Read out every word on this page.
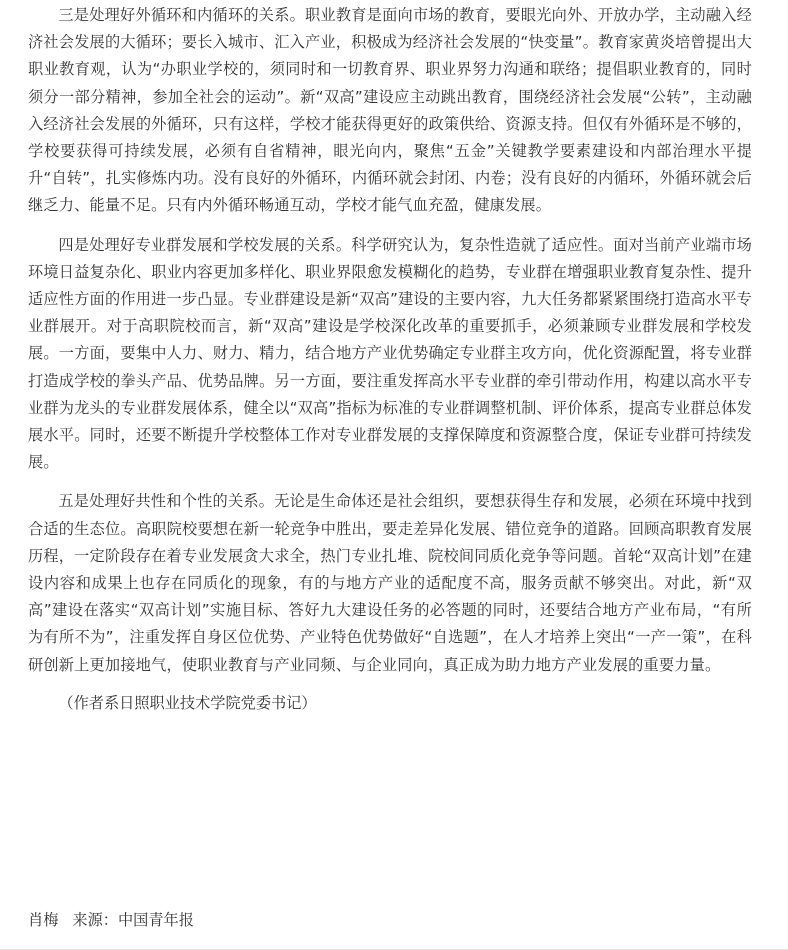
三是处理好外循环和内循环的关系。职业教育是面向市场的教育，要眼光向外、开放办学，主动融入经济社会发展的大循环；要长入城市、汇入产业，积极成为经济社会发展的“快变量”。教育家黄炎培曾提出大职业教育观，认为“办职业学校的，须同时和一切教育界、职业界努力沟通和联络；提倡职业教育的，同时须分一部分精神，参加全社会的运动”。新“双高”建设应主动跳出教育，围绕经济社会发展“公转”，主动融入经济社会发展的外循环，只有这样，学校才能获得更好的政策供给、资源支持。但仅有外循环是不够的，学校要获得可持续发展，必须有自省精神，眼光向内，聚焦“五金”关键教学要素建设和内部治理水平提升“自转”，扎实修炼内功。没有良好的外循环，内循环就会封闭、内卷；没有良好的内循环，外循环就会后继乏力、能量不足。只有内外循环畅通互动，学校才能气血充盈，健康发展。

四是处理好专业群发展和学校发展的关系。科学研究认为，复杂性造就了适应性。面对当前产业端市场环境日益复杂化、职业内容更加多样化、职业界限愈发模糊化的趋势，专业群在增强职业教育复杂性、提升适应性方面的作用进一步凸显。专业群建设是新“双高”建设的主要内容，九大任务都紧紧围绕打造高水平专业群展开。对于高职院校而言，新“双高”建设是学校深化改革的重要抓手，必须兼顾专业群发展和学校发展。一方面，要集中人力、财力、精力，结合地方产业优势确定专业群主攻方向，优化资源配置，将专业群打造成学校的拳头产品、优势品牌。另一方面，要注重发挥高水平专业群的牵引带动作用，构建以高水平专业群为龙头的专业群发展体系，健全以“双高”指标为标准的专业群调整机制、评价体系，提高专业群总体发展水平。同时，还要不断提升学校整体工作对专业群发展的支撑保障度和资源整合度，保证专业群可持续发展。

五是处理好共性和个性的关系。无论是生命体还是社会组织，要想获得生存和发展，必须在环境中找到合适的生态位。高职院校要想在新一轮竞争中胜出，要走差异化发展、错位竞争的道路。回顾高职教育发展历程，一定阶段存在着专业发展贪大求全，热门专业扎堆、院校间同质化竞争等问题。首轮“双高计划”在建设内容和成果上也存在同质化的现象，有的与地方产业的适配度不高，服务贡献不够突出。对此，新“双高”建设在落实“双高计划”实施目标、答好九大建设任务的必答题的同时，还要结合地方产业布局，“有所为有所不为”，注重发挥自身区位优势、产业特色优势做好“自选题”，在人才培养上突出“一产一策”，在科研创新上更加接地气，使职业教育与产业同频、与企业同向，真正成为助力地方产业发展的重要力量。

（作者系日照职业技术学院党委书记）

肖梅 来源：中国青年报
